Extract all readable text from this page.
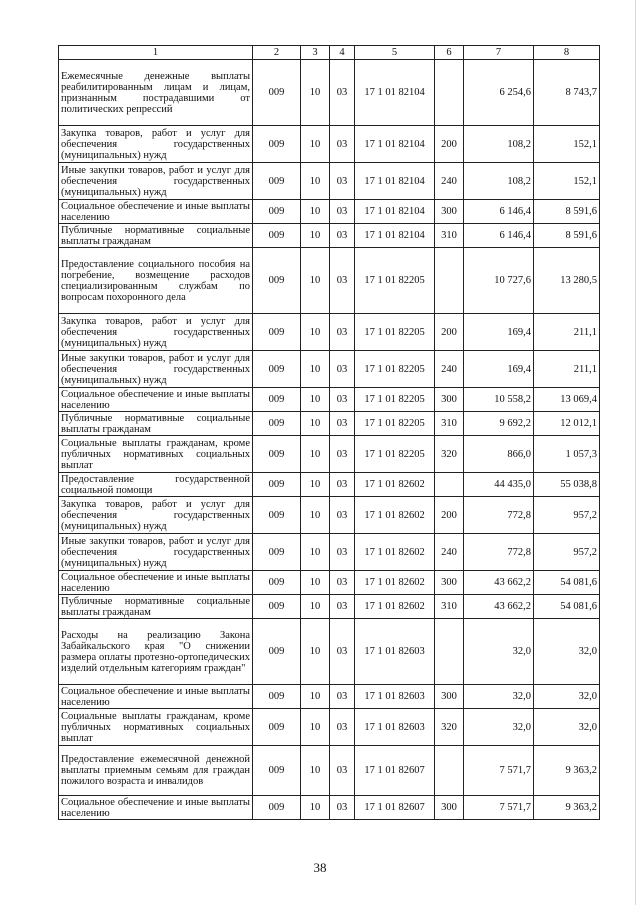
1	2	3	4	5	6	7	8
Ежемесячные денежные выплаты реабилитированным лицам и лицам, признанным пострадавшими от политических репрессий	009	10	03	17 1 01 82104		6 254,6	8 743,7
Закупка товаров, работ и услуг для обеспечения государственных (муниципальных) нужд	009	10	03	17 1 01 82104	200	108,2	152,1
Иные закупки товаров, работ и услуг для обеспечения государственных (муниципальных) нужд	009	10	03	17 1 01 82104	240	108,2	152,1
Социальное обеспечение и иные выплаты населению	009	10	03	17 1 01 82104	300	6 146,4	8 591,6
Публичные нормативные социальные выплаты гражданам	009	10	03	17 1 01 82104	310	6 146,4	8 591,6
Предоставление социального пособия на погребение, возмещение расходов специализированным службам по вопросам похоронного дела	009	10	03	17 1 01 82205		10 727,6	13 280,5
Закупка товаров, работ и услуг для обеспечения государственных (муниципальных) нужд	009	10	03	17 1 01 82205	200	169,4	211,1
Иные закупки товаров, работ и услуг для обеспечения государственных (муниципальных) нужд	009	10	03	17 1 01 82205	240	169,4	211,1
Социальное обеспечение и иные выплаты населению	009	10	03	17 1 01 82205	300	10 558,2	13 069,4
Публичные нормативные социальные выплаты гражданам	009	10	03	17 1 01 82205	310	9 692,2	12 012,1
Социальные выплаты гражданам, кроме публичных нормативных социальных выплат	009	10	03	17 1 01 82205	320	866,0	1 057,3
Предоставление государственной социальной помощи	009	10	03	17 1 01 82602		44 435,0	55 038,8
Закупка товаров, работ и услуг для обеспечения государственных (муниципальных) нужд	009	10	03	17 1 01 82602	200	772,8	957,2
Иные закупки товаров, работ и услуг для обеспечения государственных (муниципальных) нужд	009	10	03	17 1 01 82602	240	772,8	957,2
Социальное обеспечение и иные выплаты населению	009	10	03	17 1 01 82602	300	43 662,2	54 081,6
Публичные нормативные социальные выплаты гражданам	009	10	03	17 1 01 82602	310	43 662,2	54 081,6
Расходы на реализацию Закона Забайкальского края "О снижении размера оплаты протезно-ортопедических изделий отдельным категориям граждан"	009	10	03	17 1 01 82603		32,0	32,0
Социальное обеспечение и иные выплаты населению	009	10	03	17 1 01 82603	300	32,0	32,0
Социальные выплаты гражданам, кроме публичных нормативных социальных выплат	009	10	03	17 1 01 82603	320	32,0	32,0
Предоставление ежемесячной денежной выплаты приемным семьям для граждан пожилого возраста и инвалидов	009	10	03	17 1 01 82607		7 571,7	9 363,2
Социальное обеспечение и иные выплаты населению	009	10	03	17 1 01 82607	300	7 571,7	9 363,2
38
